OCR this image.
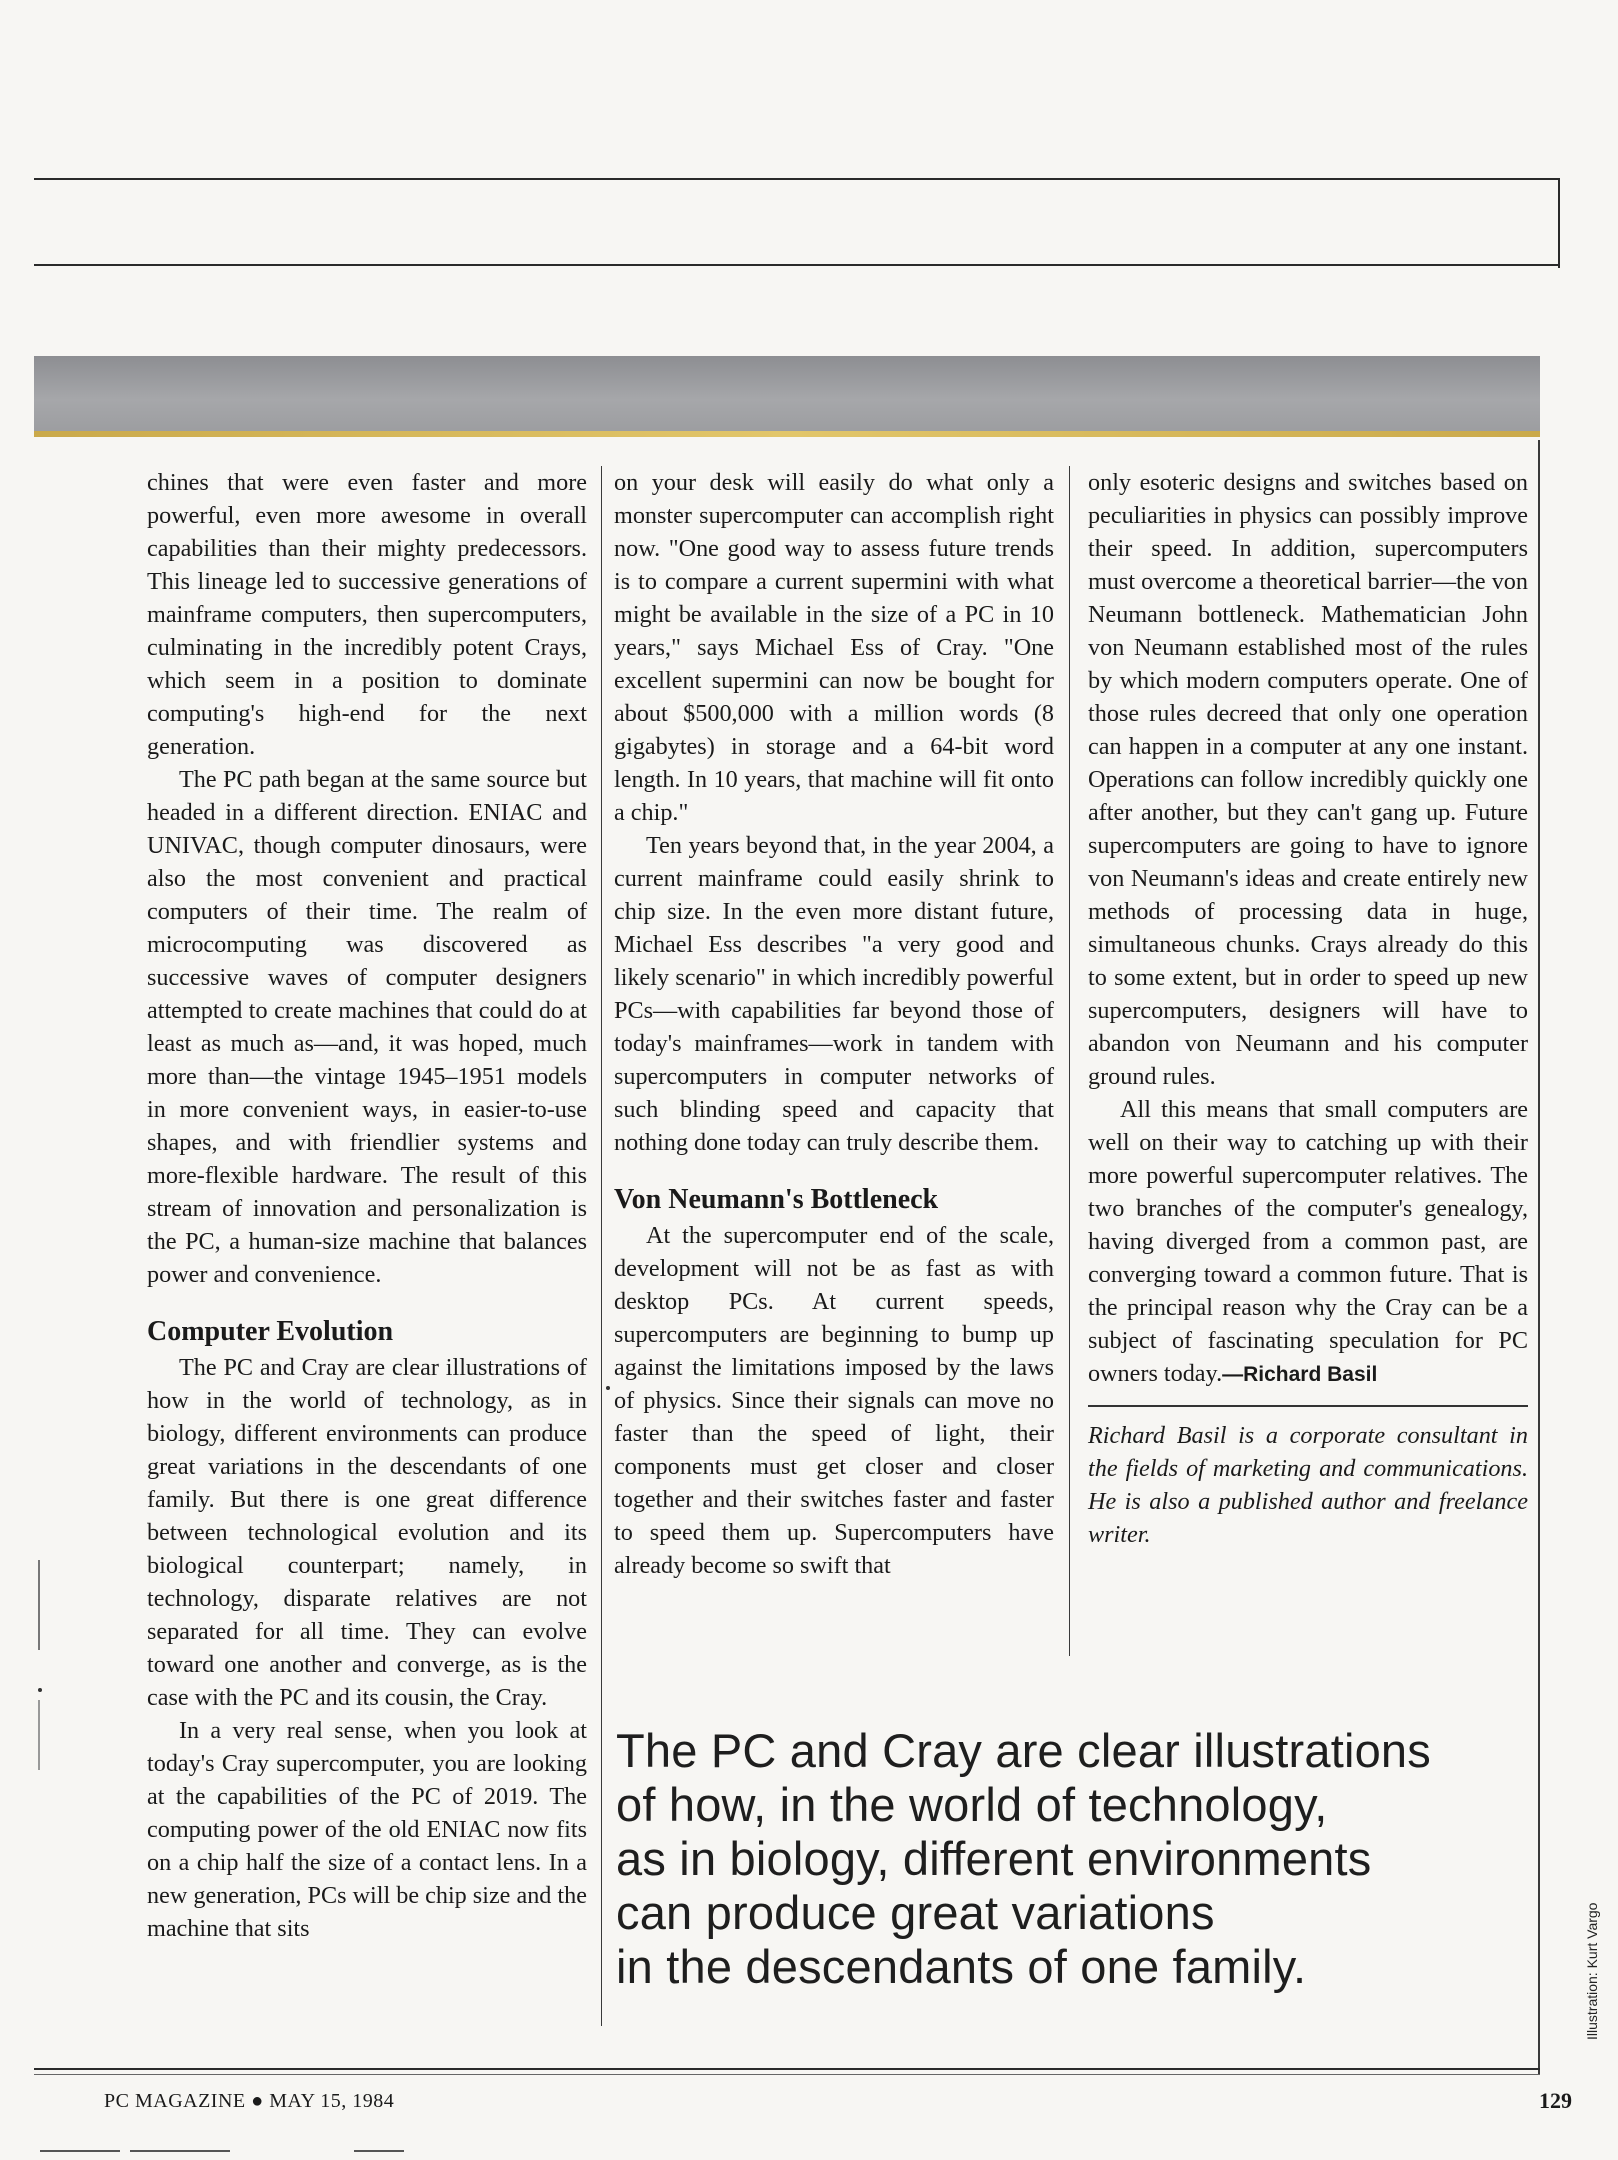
chines that were even faster and more powerful, even more awesome in overall capabilities than their mighty predecessors. This lineage led to successive generations of mainframe computers, then supercomputers, culminating in the incredibly potent Crays, which seem in a position to dominate computing's high-end for the next generation.

The PC path began at the same source but headed in a different direction. ENIAC and UNIVAC, though computer dinosaurs, were also the most convenient and practical computers of their time. The realm of microcomputing was discovered as successive waves of computer designers attempted to create machines that could do at least as much as—and, it was hoped, much more than—the vintage 1945–1951 models in more convenient ways, in easier-to-use shapes, and with friendlier systems and more-flexible hardware. The result of this stream of innovation and personalization is the PC, a human-size machine that balances power and convenience.

Computer Evolution

The PC and Cray are clear illustrations of how in the world of technology, as in biology, different environments can produce great variations in the descendants of one family. But there is one great difference between technological evolution and its biological counterpart; namely, in technology, disparate relatives are not separated for all time. They can evolve toward one another and converge, as is the case with the PC and its cousin, the Cray.

In a very real sense, when you look at today's Cray supercomputer, you are looking at the capabilities of the PC of 2019. The computing power of the old ENIAC now fits on a chip half the size of a contact lens. In a new generation, PCs will be chip size and the machine that sits

on your desk will easily do what only a monster supercomputer can accomplish right now. "One good way to assess future trends is to compare a current supermini with what might be available in the size of a PC in 10 years," says Michael Ess of Cray. "One excellent supermini can now be bought for about $500,000 with a million words (8 gigabytes) in storage and a 64-bit word length. In 10 years, that machine will fit onto a chip."

Ten years beyond that, in the year 2004, a current mainframe could easily shrink to chip size. In the even more distant future, Michael Ess describes "a very good and likely scenario" in which incredibly powerful PCs—with capabilities far beyond those of today's mainframes—work in tandem with supercomputers in computer networks of such blinding speed and capacity that nothing done today can truly describe them.

Von Neumann's Bottleneck

At the supercomputer end of the scale, development will not be as fast as with desktop PCs. At current speeds, supercomputers are beginning to bump up against the limitations imposed by the laws of physics. Since their signals can move no faster than the speed of light, their components must get closer and closer together and their switches faster and faster to speed them up. Supercomputers have already become so swift that

only esoteric designs and switches based on peculiarities in physics can possibly improve their speed. In addition, supercomputers must overcome a theoretical barrier—the von Neumann bottleneck. Mathematician John von Neumann established most of the rules by which modern computers operate. One of those rules decreed that only one operation can happen in a computer at any one instant. Operations can follow incredibly quickly one after another, but they can't gang up. Future supercomputers are going to have to ignore von Neumann's ideas and create entirely new methods of processing data in huge, simultaneous chunks. Crays already do this to some extent, but in order to speed up new supercomputers, designers will have to abandon von Neumann and his computer ground rules.

All this means that small computers are well on their way to catching up with their more powerful supercomputer relatives. The two branches of the computer's genealogy, having diverged from a common past, are converging toward a common future. That is the principal reason why the Cray can be a subject of fascinating speculation for PC owners today.—Richard Basil

Richard Basil is a corporate consultant in the fields of marketing and communications. He is also a published author and freelance writer.

The PC and Cray are clear illustrations
of how, in the world of technology,
as in biology, different environments
can produce great variations
in the descendants of one family.
PC MAGAZINE ● MAY 15, 1984	129
Illustration: Kurt Vargo
